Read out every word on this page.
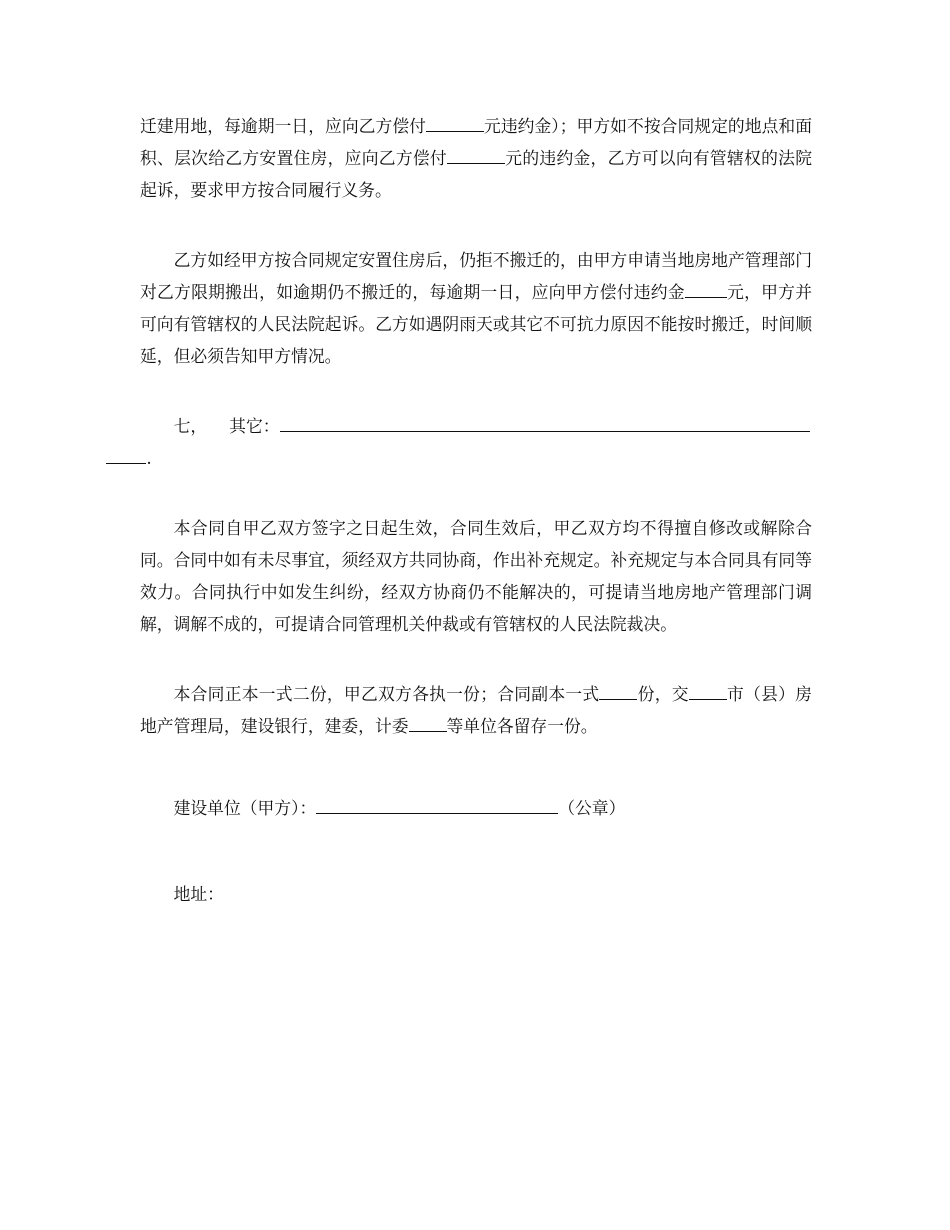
迁建用地，每逾期一日，应向乙方偿付	元违约金）；甲方如不按合同规定的地点和面积、层次给乙方安置住房，应向乙方偿付	元的违约金，乙方可以向有管辖权的法院起诉，要求甲方按合同履行义务。

乙方如经甲方按合同规定安置住房后，仍拒不搬迁的，由甲方申请当地房地产管理部门对乙方限期搬出，如逾期仍不搬迁的，每逾期一日，应向甲方偿付违约金	元，甲方并可向有管辖权的人民法院起诉。乙方如遇阴雨天或其它不可抗力原因不能按时搬迁，时间顺延，但必须告知甲方情况。

七， 其它：
.

本合同自甲乙双方签字之日起生效，合同生效后，甲乙双方均不得擅自修改或解除合同。合同中如有未尽事宜，须经双方共同协商，作出补充规定。补充规定与本合同具有同等效力。合同执行中如发生纠纷，经双方协商仍不能解决的，可提请当地房地产管理部门调解，调解不成的，可提请合同管理机关仲裁或有管辖权的人民法院裁决。

本合同正本一式二份，甲乙双方各执一份；合同副本一式 份，交 市（县）房地产管理局，建设银行，建委，计委 等单位各留存一份。

建设单位（甲方）：	（公章）

地址：
